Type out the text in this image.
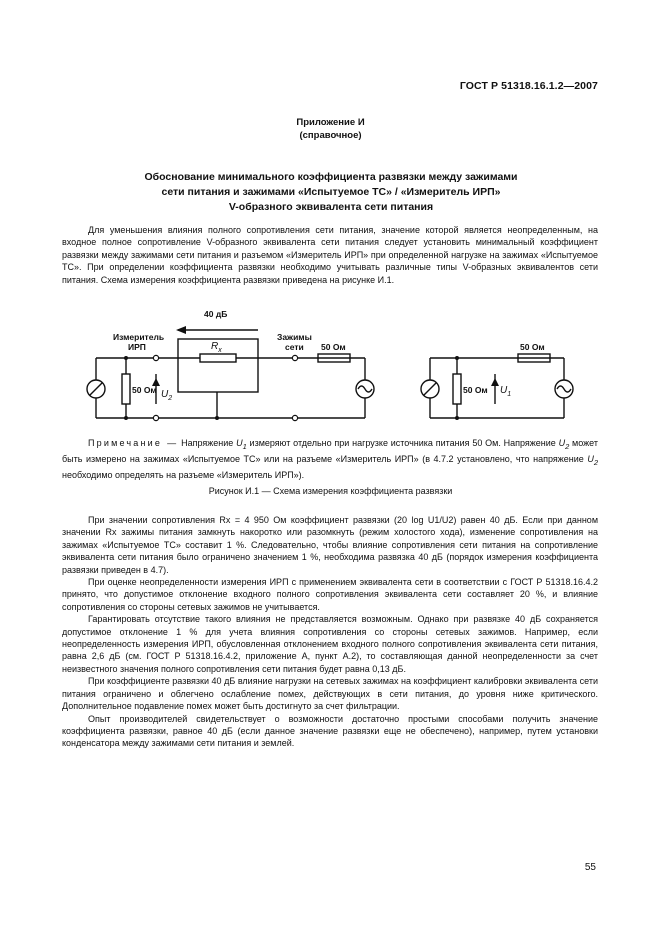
ГОСТ Р 51318.16.1.2—2007
Приложение И
(справочное)
Обоснование минимального коэффициента развязки между зажимами
сети питания и зажимами «Испытуемое ТС» / «Измеритель ИРП»
V-образного эквивалента сети питания

Для уменьшения влияния полного сопротивления сети питания, значение которой является неопределенным, на входное полное сопротивление V-образного эквивалента сети питания следует установить минимальный коэффициент развязки между зажимами сети питания и разъемом «Измеритель ИРП» при определенной нагрузке на зажимах «Испытуемое ТС». При определении коэффициента развязки необходимо учитывать различные типы V-образных эквивалентов сети питания. Схема измерения коэффициента развязки приведена на рисунке И.1.

40 дБ
Измеритель
ИРП
Зажимы
сети 50 Ом
50 Ом
50 Ом
50 Ом
$R_x$
$U_2$
$U_1$

Примечание — Напряжение $U_1$ измеряют отдельно при нагрузке источника питания 50 Ом. Напряжение $U_2$ может быть измерено на зажимах «Испытуемое ТС» или на разъеме «Измеритель ИРП» (в 4.7.2 установлено, что напряжение $U_2$ необходимо определять на разъеме «Измеритель ИРП»).

Рисунок И.1 — Схема измерения коэффициента развязки

При значении сопротивления Rx = 4 950 Ом коэффициент развязки (20 log U1/U2) равен 40 дБ. Если при данном значении Rx зажимы питания замкнуть накоротко или разомкнуть (режим холостого хода), изменение сопротивления на зажимах «Испытуемое ТС» составит 1 %. Следовательно, чтобы влияние сопротивления сети питания на сопротивление эквивалента сети питания было ограничено значением 1 %, необходима развязка 40 дБ (порядок измерения коэффициента развязки приведен в 4.7).

При оценке неопределенности измерения ИРП с применением эквивалента сети в соответствии с ГОСТ Р 51318.16.4.2 принято, что допустимое отклонение входного полного сопротивления эквивалента сети составляет 20 %, и влияние сопротивления со стороны сетевых зажимов не учитывается.

Гарантировать отсутствие такого влияния не представляется возможным. Однако при развязке 40 дБ сохраняется допустимое отклонение 1 % для учета влияния сопротивления со стороны сетевых зажимов. Например, если неопределенность измерения ИРП, обусловленная отклонением входного полного сопротивления эквивалента сети питания, равна 2,6 дБ (см. ГОСТ Р 51318.16.4.2, приложение А, пункт А.2), то составляющая данной неопределенности за счет неизвестного значения полного сопротивления сети питания будет равна 0,13 дБ.

При коэффициенте развязки 40 дБ влияние нагрузки на сетевых зажимах на коэффициент калибровки эквивалента сети питания ограничено и облегчено ослабление помех, действующих в сети питания, до уровня ниже критического. Дополнительное подавление помех может быть достигнуто за счет фильтрации.

Опыт производителей свидетельствует о возможности достаточно простыми способами получить значение коэффициента развязки, равное 40 дБ (если данное значение развязки еще не обеспечено), например, путем установки конденсатора между зажимами сети питания и землей.

55
